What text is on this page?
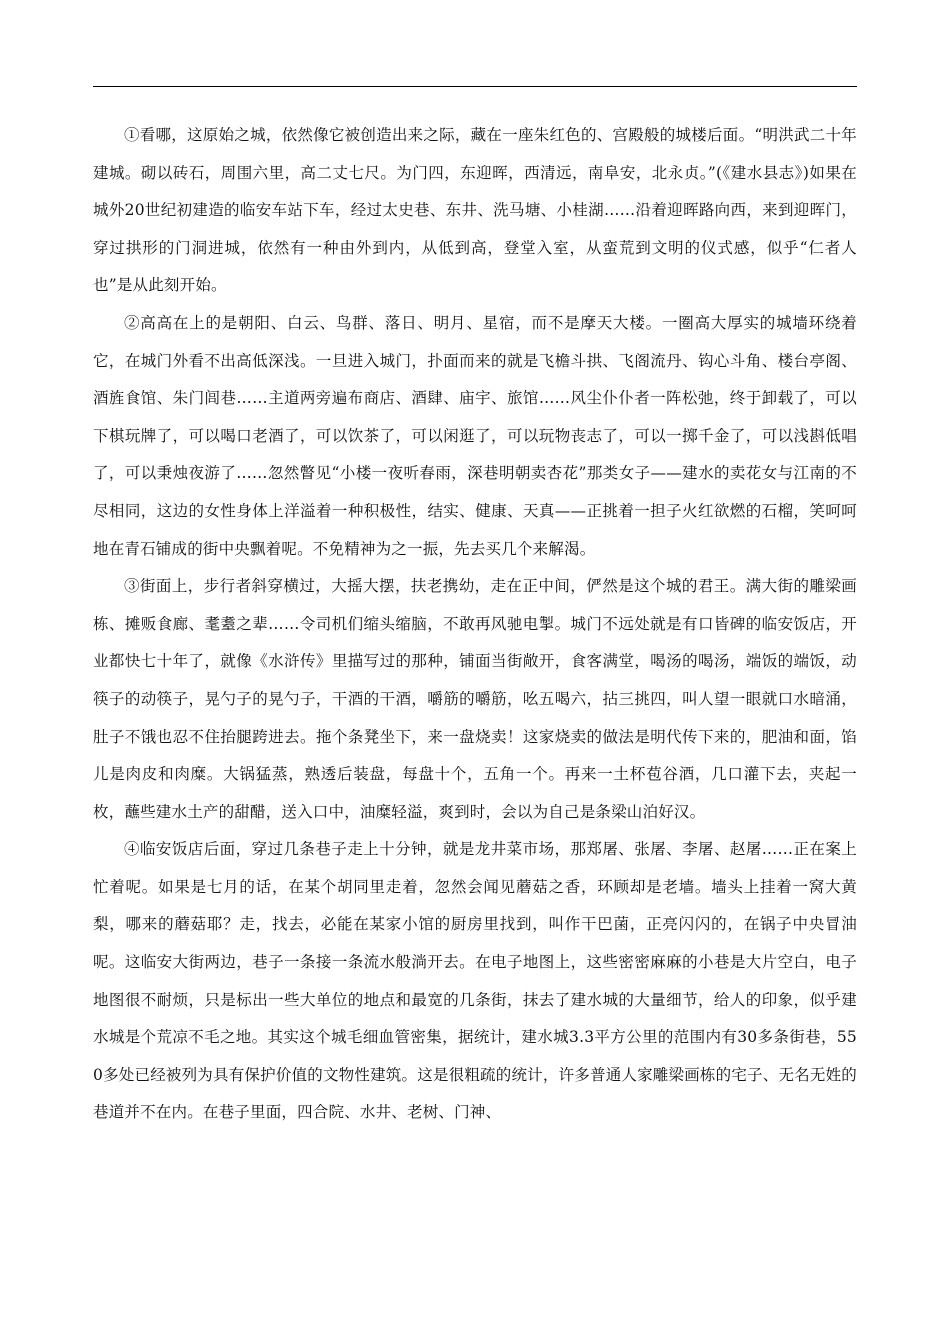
①看哪，这原始之城，依然像它被创造出来之际，藏在一座朱红色的、宫殿般的城楼后面。“明洪武二十年建城。砌以砖石，周围六里，高二丈七尺。为门四，东迎晖，西清远，南阜安，北永贞。”(《建水县志》)如果在城外20世纪初建造的临安车站下车，经过太史巷、东井、洗马塘、小桂湖……沿着迎晖路向西，来到迎晖门，穿过拱形的门洞进城，依然有一种由外到内，从低到高，登堂入室，从蛮荒到文明的仪式感，似乎“仁者人也”是从此刻开始。

②高高在上的是朝阳、白云、鸟群、落日、明月、星宿，而不是摩天大楼。一圈高大厚实的城墙环绕着它，在城门外看不出高低深浅。一旦进入城门，扑面而来的就是飞檐斗拱、飞阁流丹、钩心斗角、楼台亭阁、酒旌食馆、朱门闾巷……主道两旁遍布商店、酒肆、庙宇、旅馆……风尘仆仆者一阵松弛，终于卸载了，可以下棋玩牌了，可以喝口老酒了，可以饮茶了，可以闲逛了，可以玩物丧志了，可以一掷千金了，可以浅斟低唱了，可以秉烛夜游了……忽然瞥见“小楼一夜听春雨，深巷明朝卖杏花”那类女子——建水的卖花女与江南的不尽相同，这边的女性身体上洋溢着一种积极性，结实、健康、天真——正挑着一担子火红欲燃的石榴，笑呵呵地在青石铺成的街中央飘着呢。不免精神为之一振，先去买几个来解渴。

③街面上，步行者斜穿横过，大摇大摆，扶老携幼，走在正中间，俨然是这个城的君王。满大街的雕梁画栋、摊贩食廊、耄耋之辈……令司机们缩头缩脑，不敢再风驰电掣。城门不远处就是有口皆碑的临安饭店，开业都快七十年了，就像《水浒传》里描写过的那种，铺面当街敞开，食客满堂，喝汤的喝汤，端饭的端饭，动筷子的动筷子，晃勺子的晃勺子，干酒的干酒，嚼筋的嚼筋，吆五喝六，拈三挑四，叫人望一眼就口水暗涌，肚子不饿也忍不住抬腿跨进去。拖个条凳坐下，来一盘烧卖！这家烧卖的做法是明代传下来的，肥油和面，馅儿是肉皮和肉糜。大锅猛蒸，熟透后装盘，每盘十个，五角一个。再来一土杯苞谷酒，几口灌下去，夹起一枚，蘸些建水土产的甜醋，送入口中，油糜轻溢，爽到时，会以为自己是条梁山泊好汉。

④临安饭店后面，穿过几条巷子走上十分钟，就是龙井菜市场，那郑屠、张屠、李屠、赵屠……正在案上忙着呢。如果是七月的话，在某个胡同里走着，忽然会闻见蘑菇之香，环顾却是老墙。墙头上挂着一窝大黄梨，哪来的蘑菇耶？走，找去，必能在某家小馆的厨房里找到，叫作干巴菌，正亮闪闪的，在锅子中央冒油呢。这临安大街两边，巷子一条接一条流水般淌开去。在电子地图上，这些密密麻麻的小巷是大片空白，电子地图很不耐烦，只是标出一些大单位的地点和最宽的几条街，抹去了建水城的大量细节，给人的印象，似乎建水城是个荒凉不毛之地。其实这个城毛细血管密集，据统计，建水城3.3平方公里的范围内有30多条街巷，550多处已经被列为具有保护价值的文物性建筑。这是很粗疏的统计，许多普通人家雕梁画栋的宅子、无名无姓的巷道并不在内。在巷子里面，四合院、水井、老树、门神、
